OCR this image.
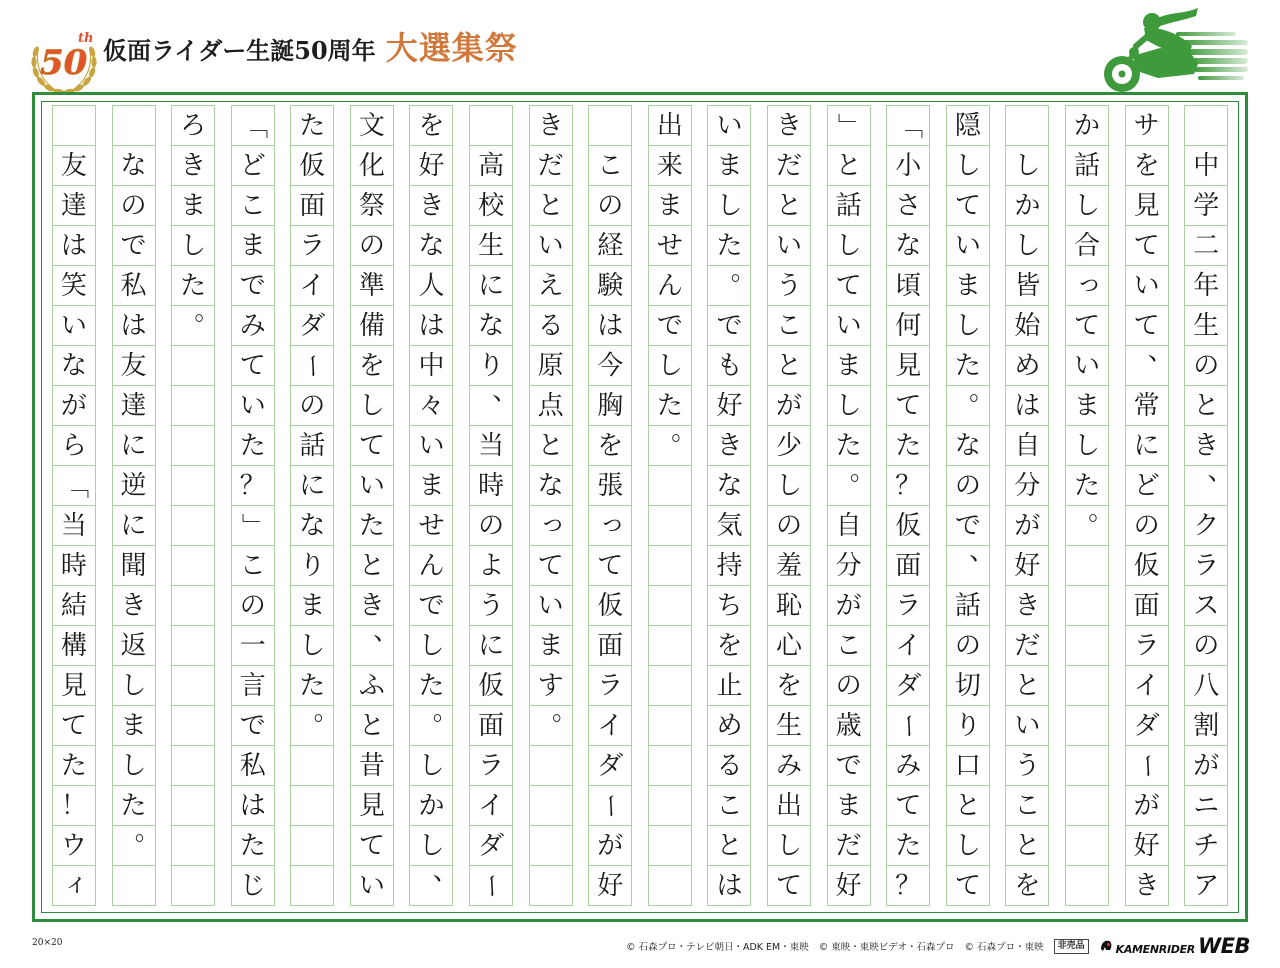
50
th 仮面ライダー生誕50周年 大選集祭

中
学
二
年
生
の
と
き
、
ク
ラ
ス
の
八
割
が
ニ
チ
ア
サ
を
見
て
い
て
、
常
に
ど
の
仮
面
ラ
イ
ダ
ー
が
好
き
か
話
し
合
っ
て
い
ま
し
た
。

し
か
し
皆
始
め
は
自
分
が
好
き
だ
と
い
う
こ
と
を
隠
し
て
い
ま
し
た
。
な
の
で
、
話
の
切
り
口
と
し
て
「
小
さ
な
頃
何
見
て
た
？
仮
面
ラ
イ
ダ
ー
み
て
た
？
」
と
話
し
て
い
ま
し
た
。
自
分
が
こ
の
歳
で
ま
だ
好
き
だ
と
い
う
こ
と
が
少
し
の
羞
恥
心
を
生
み
出
し
て
い
ま
し
た
。
で
も
好
き
な
気
持
ち
を
止
め
る
こ
と
は
出
来
ま
せ
ん
で
し
た
。

こ
の
経
験
は
今
胸
を
張
っ
て
仮
面
ラ
イ
ダ
ー
が
好
き
だ
と
い
え
る
原
点
と
な
っ
て
い
ま
す
。

高
校
生
に
な
り
、
当
時
の
よ
う
に
仮
面
ラ
イ
ダ
ー
を
好
き
な
人
は
中
々
い
ま
せ
ん
で
し
た
。
し
か
し
、
文
化
祭
の
準
備
を
し
て
い
た
と
き
、
ふ
と
昔
見
て
い
た
仮
面
ラ
イ
ダ
ー
の
話
に
な
り
ま
し
た
。
「
ど
こ
ま
で
み
て
い
た
？
」
こ
の
一
言
で
私
は
た
じ
ろ
き
ま
し
た
。

な
の
で
私
は
友
達
に
逆
に
聞
き
返
し
ま
し
た
。

友
達
は
笑
い
な
が
ら
「
当
時
結
構
見
て
た
！
ウ
ィ
20×20	© 石森プロ・テレビ朝日・ADK EM・東映 © 東映・東映ビデオ・石森プロ © 石森プロ・東映	非売品	KAMENRIDER WEB
